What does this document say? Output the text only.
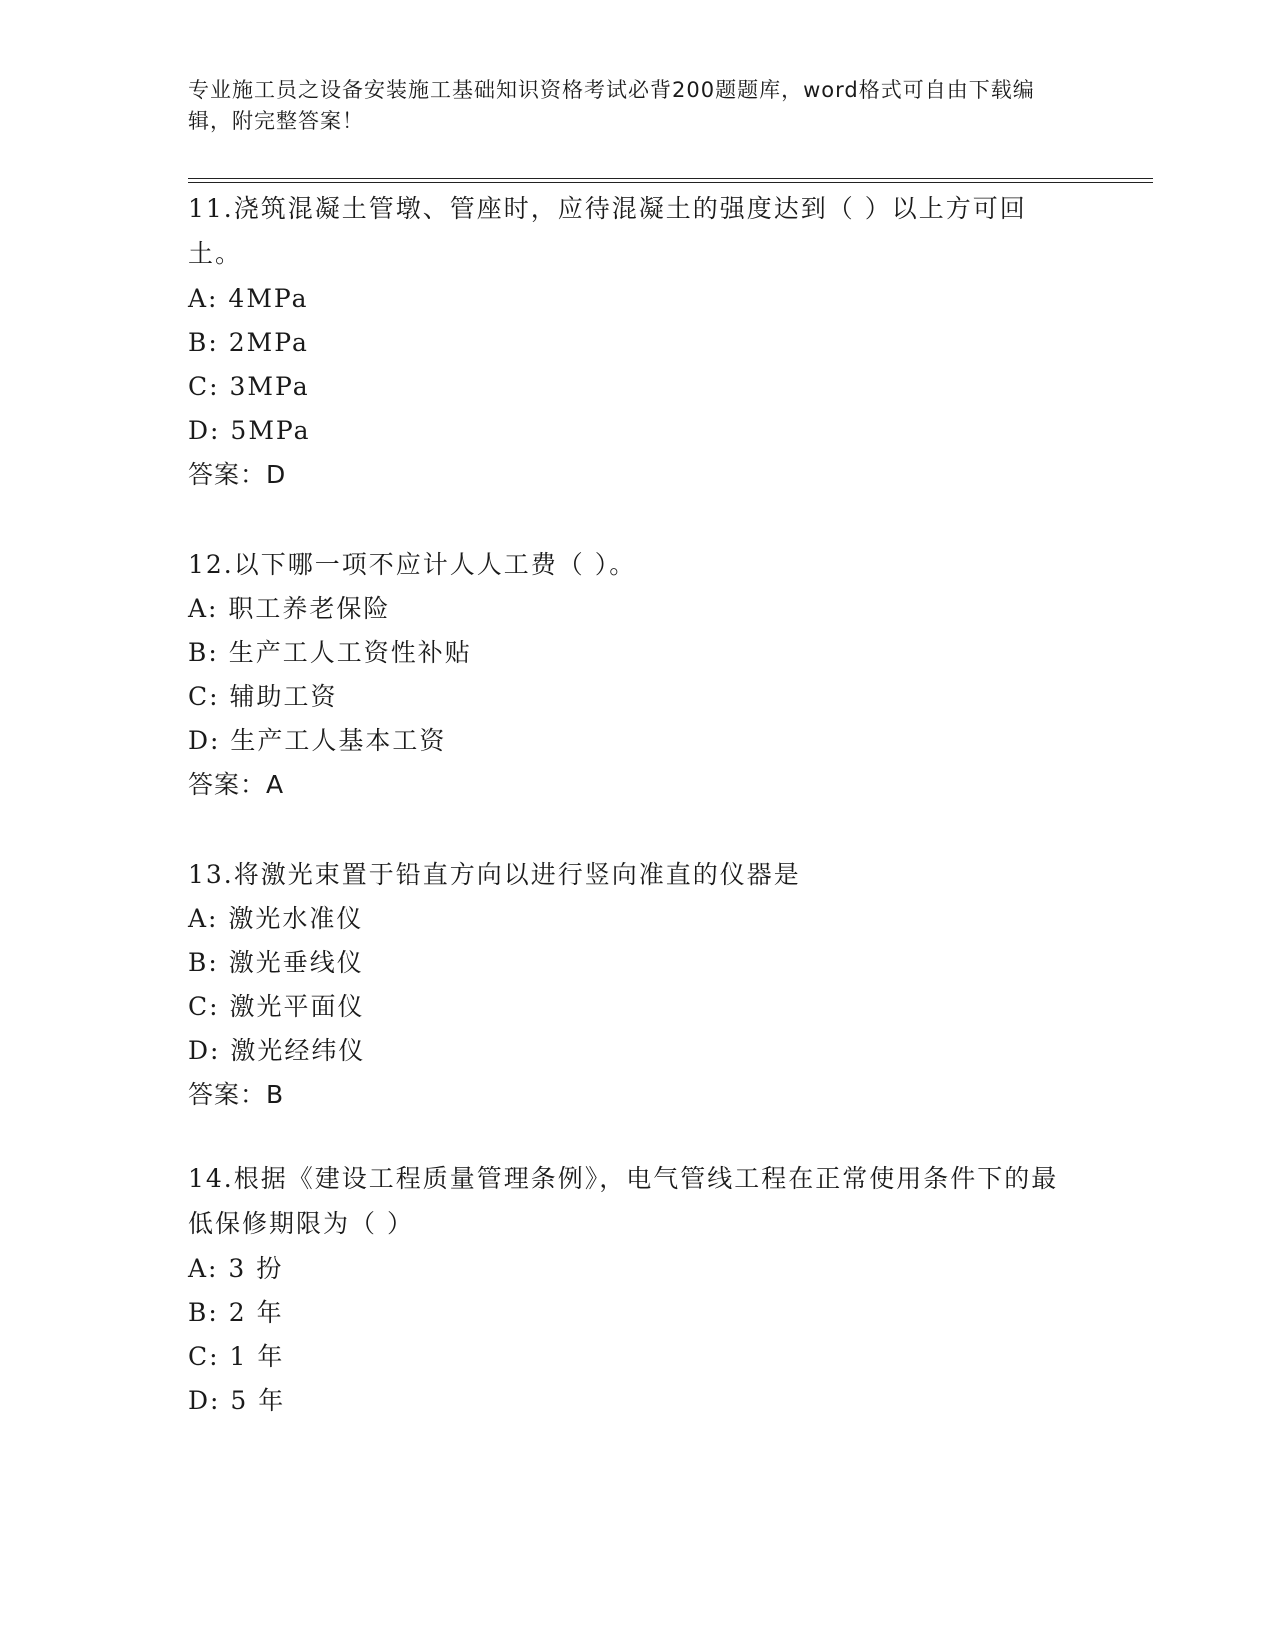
专业施工员之设备安装施工基础知识资格考试必背200题题库，word格式可自由下载编辑，附完整答案！
11.浇筑混凝土管墩、管座时，应待混凝土的强度达到（ ）以上方可回土。
A: 4MPa
B: 2MPa
C: 3MPa
D: 5MPa
答案：D
12.以下哪一项不应计人人工费（ ）。
A: 职工养老保险
B: 生产工人工资性补贴
C: 辅助工资
D: 生产工人基本工资
答案：A
13.将激光束置于铅直方向以进行竖向准直的仪器是
A: 激光水准仪
B: 激光垂线仪
C: 激光平面仪
D: 激光经纬仪
答案：B
14.根据《建设工程质量管理条例》，电气管线工程在正常使用条件下的最低保修期限为（ ）
A: 3 扮
B: 2 年
C: 1 年
D: 5 年
